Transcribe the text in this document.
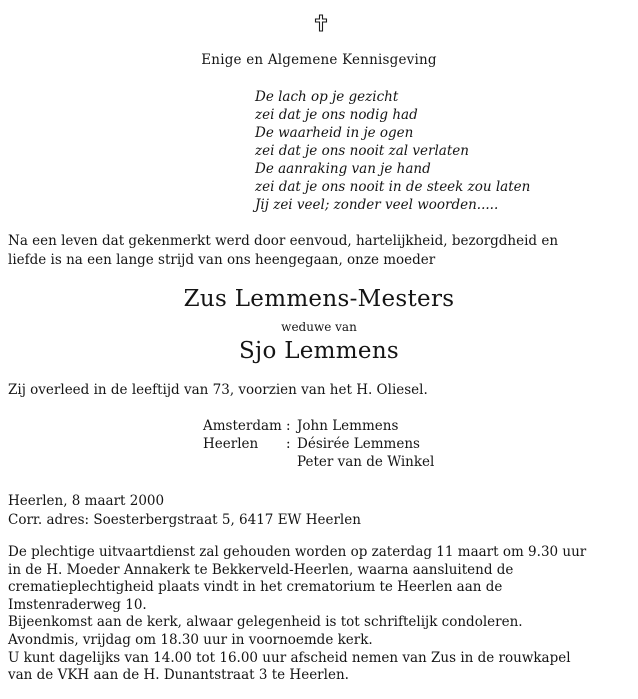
Enige en Algemene Kennisgeving
De lach op je gezicht
zei dat je ons nodig had
De waarheid in je ogen
zei dat je ons nooit zal verlaten
De aanraking van je hand
zei dat je ons nooit in de steek zou laten
Jij zei veel; zonder veel woorden.....
Na een leven dat gekenmerkt werd door eenvoud, hartelijkheid, bezorgdheid en
liefde is na een lange strijd van ons heengegaan, onze moeder
Zus Lemmens-Mesters
weduwe van
Sjo Lemmens
Zij overleed in de leeftijd van 73, voorzien van het H. Oliesel.
Amsterdam : John Lemmens
Heerlen : Désirée Lemmens
Peter van de Winkel
Heerlen, 8 maart 2000
Corr. adres: Soesterbergstraat 5, 6417 EW Heerlen
De plechtige uitvaartdienst zal gehouden worden op zaterdag 11 maart om 9.30 uur
in de H. Moeder Annakerk te Bekkerveld-Heerlen, waarna aansluitend de
crematieplechtigheid plaats vindt in het crematorium te Heerlen aan de
Imstenraderweg 10.
Bijeenkomst aan de kerk, alwaar gelegenheid is tot schriftelijk condoleren.
Avondmis, vrijdag om 18.30 uur in voornoemde kerk.
U kunt dagelijks van 14.00 tot 16.00 uur afscheid nemen van Zus in de rouwkapel
van de VKH aan de H. Dunantstraat 3 te Heerlen.
